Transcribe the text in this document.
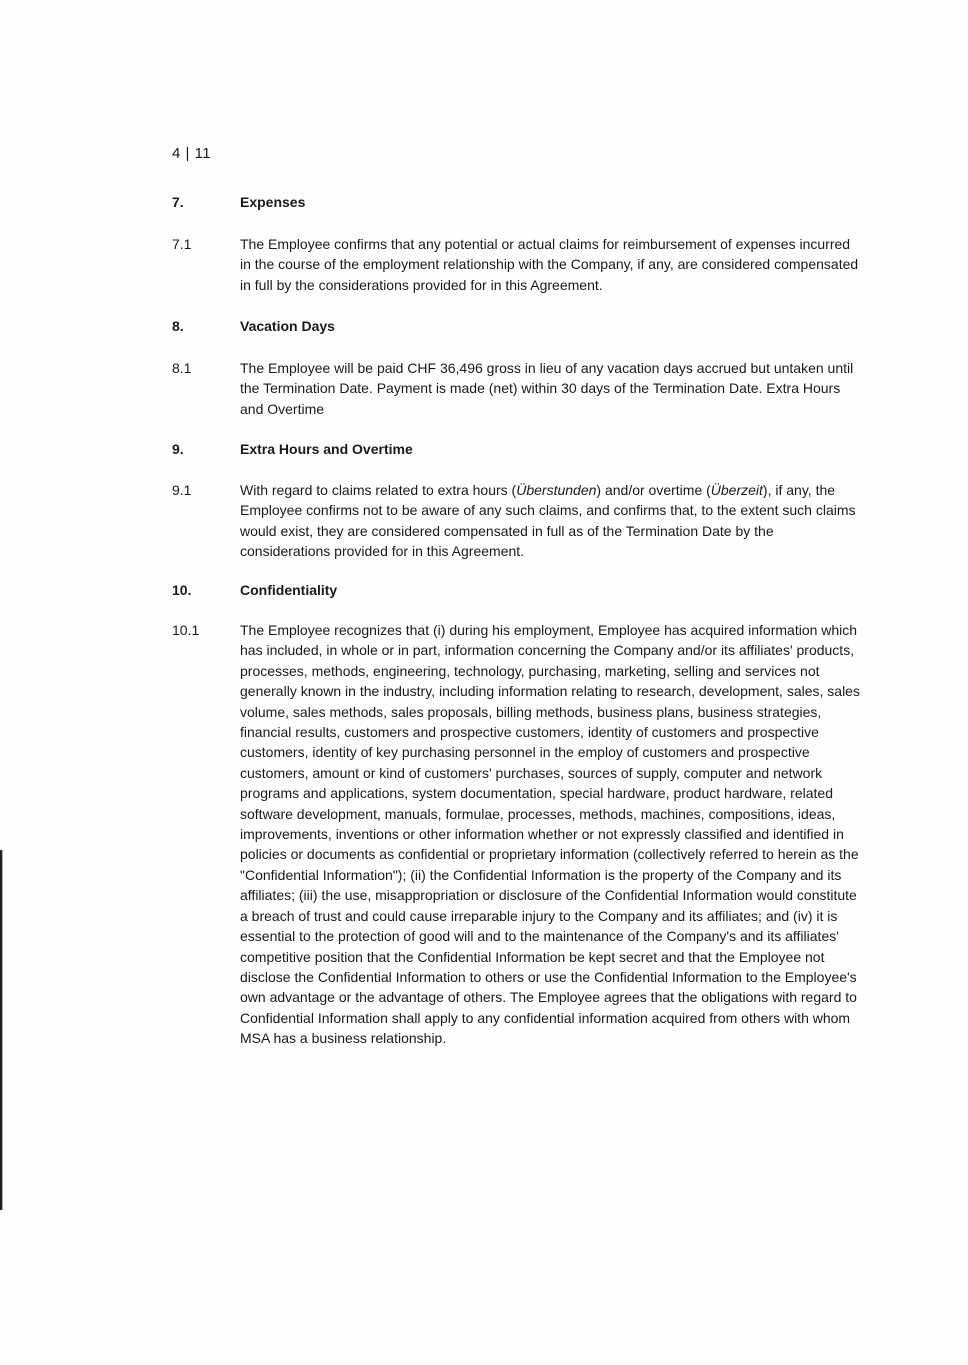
4 | 11
7.	Expenses
7.1	The Employee confirms that any potential or actual claims for reimbursement of expenses incurred in the course of the employment relationship with the Company, if any, are considered compensated in full by the considerations provided for in this Agreement.

8.	Vacation Days
8.1	The Employee will be paid CHF 36,496 gross in lieu of any vacation days accrued but untaken until the Termination Date. Payment is made (net) within 30 days of the Termination Date. Extra Hours and Overtime

9.	Extra Hours and Overtime
9.1	With regard to claims related to extra hours (Überstunden) and/or overtime (Überzeit), if any, the Employee confirms not to be aware of any such claims, and confirms that, to the extent such claims would exist, they are considered compensated in full as of the Termination Date by the considerations provided for in this Agreement.

10.	Confidentiality
10.1	The Employee recognizes that (i) during his employment, Employee has acquired information which has included, in whole or in part, information concerning the Company and/or its affiliates' products, processes, methods, engineering, technology, purchasing, marketing, selling and services not generally known in the industry, including information relating to research, development, sales, sales volume, sales methods, sales proposals, billing methods, business plans, business strategies, financial results, customers and prospective customers, identity of customers and prospective customers, identity of key purchasing personnel in the employ of customers and prospective customers, amount or kind of customers' purchases, sources of supply, computer and network programs and applications, system documentation, special hardware, product hardware, related software development, manuals, formulae, processes, methods, machines, compositions, ideas, improvements, inventions or other information whether or not expressly classified and identified in policies or documents as confidential or proprietary information (collectively referred to herein as the "Confidential Information"); (ii) the Confidential Information is the property of the Company and its affiliates; (iii) the use, misappropriation or disclosure of the Confidential Information would constitute a breach of trust and could cause irreparable injury to the Company and its affiliates; and (iv) it is essential to the protection of good will and to the maintenance of the Company's and its affiliates' competitive position that the Confidential Information be kept secret and that the Employee not disclose the Confidential Information to others or use the Confidential Information to the Employee's own advantage or the advantage of others. The Employee agrees that the obligations with regard to Confidential Information shall apply to any confidential information acquired from others with whom MSA has a business relationship.
